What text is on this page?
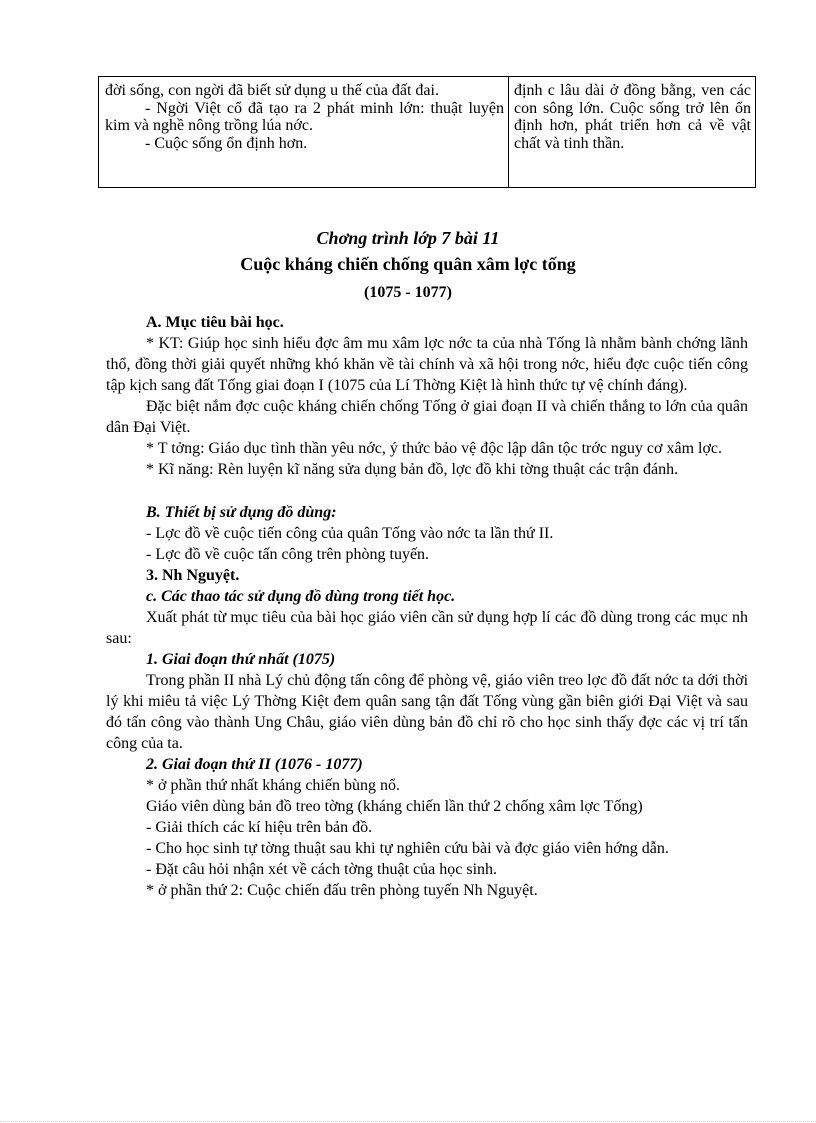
đời sống, con ngời đã biết sử dụng u thế của đất đai.

- Ngời Việt cổ đã tạo ra 2 phát minh lớn: thuật luyện kim và nghề nông trồng lúa nớc.

- Cuộc sống ổn định hơn.

định c lâu dài ở đồng bằng, ven các con sông lớn. Cuộc sống trở lên ổn định hơn, phát triển hơn cả về vật chất và tinh thần.

Chơng trình lớp 7 bài 11
Cuộc kháng chiến chống quân xâm lợc tống
(1075 - 1077)

A. Mục tiêu bài học.

* KT: Giúp học sinh hiểu đợc âm mu xâm lợc nớc ta của nhà Tống là nhằm bành chớng lãnh thổ, đồng thời giải quyết những khó khăn về tài chính và xã hội trong nớc, hiểu đợc cuộc tiến công tập kịch sang đất Tống giai đoạn I (1075 của Lí Thờng Kiệt là hình thức tự vệ chính đáng).

Đặc biệt nắm đợc cuộc kháng chiến chống Tống ở giai đoạn II và chiến thắng to lớn của quân dân Đại Việt.

* T tởng: Giáo dục tình thần yêu nớc, ý thức bảo vệ độc lập dân tộc trớc nguy cơ xâm lợc.

* Kĩ năng: Rèn luyện kĩ năng sửa dụng bản đồ, lợc đồ khi tờng thuật các trận đánh.

B. Thiết bị sử dụng đồ dùng:

- Lợc đồ về cuộc tiến công của quân Tống vào nớc ta lần thứ II.

- Lợc đồ về cuộc tấn công trên phòng tuyến.

3. Nh Nguyệt.

c. Các thao tác sử dụng đồ dùng trong tiết học.

Xuất phát từ mục tiêu của bài học giáo viên cần sử dụng hợp lí các đồ dùng trong các mục nh sau:

1. Giai đoạn thứ nhất (1075)

Trong phần II nhà Lý chủ động tấn công để phòng vệ, giáo viên treo lợc đồ đất nớc ta dới thời lý khi miêu tả việc Lý Thờng Kiệt đem quân sang tận đất Tống vùng gần biên giới Đại Việt và sau đó tấn công vào thành Ung Châu, giáo viên dùng bản đồ chỉ rõ cho học sinh thấy đợc các vị trí tấn công của ta.

2. Giai đoạn thứ II (1076 - 1077)

* ở phần thứ nhất kháng chiến bùng nổ.

Giáo viên dùng bản đồ treo tờng (kháng chiến lần thứ 2 chống xâm lợc Tống)

- Giải thích các kí hiệu trên bản đồ.

- Cho học sinh tự tờng thuật sau khi tự nghiên cứu bài và đợc giáo viên hớng dẫn.

- Đặt câu hỏi nhận xét về cách tờng thuật của học sinh.

* ở phần thứ 2: Cuộc chiến đấu trên phòng tuyến Nh Nguyệt.
